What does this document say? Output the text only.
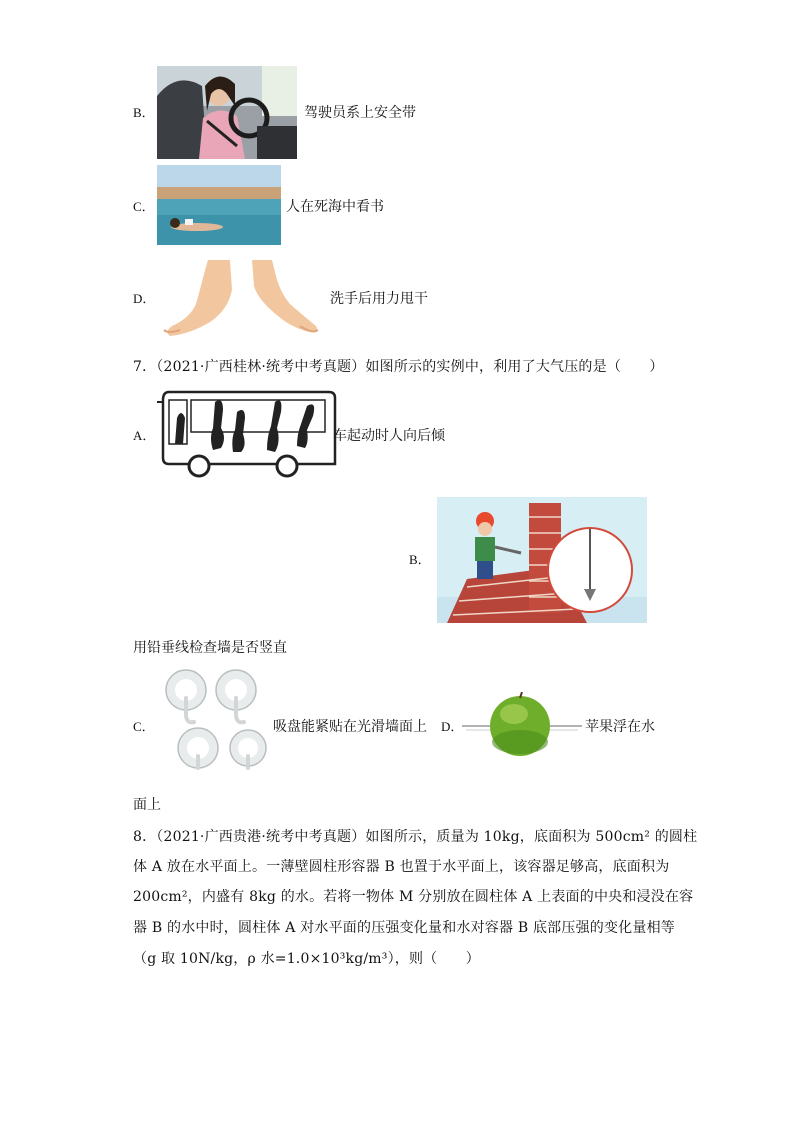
B．	驾驶员系上安全带
C．	人在死海中看书
D．	洗手后用力甩干
7．（2021·广西桂林·统考中考真题）如图所示的实例中，利用了大气压的是（　　）
A．	车起动时人向后倾
B．
用铅垂线检查墙是否竖直
C．	吸盘能紧贴在光滑墙面上 D．	苹果浮在水
面上
8．（2021·广西贵港·统考中考真题）如图所示，质量为 10kg，底面积为 500cm² 的圆柱
体 A 放在水平面上。一薄壁圆柱形容器 B 也置于水平面上，该容器足够高，底面积为
200cm²，内盛有 8kg 的水。若将一物体 M 分别放在圆柱体 A 上表面的中央和浸没在容
器 B 的水中时，圆柱体 A 对水平面的压强变化量和水对容器 B 底部压强的变化量相等
（g 取 10N/kg，ρ 水=1.0×10³kg/m³），则（　　）
